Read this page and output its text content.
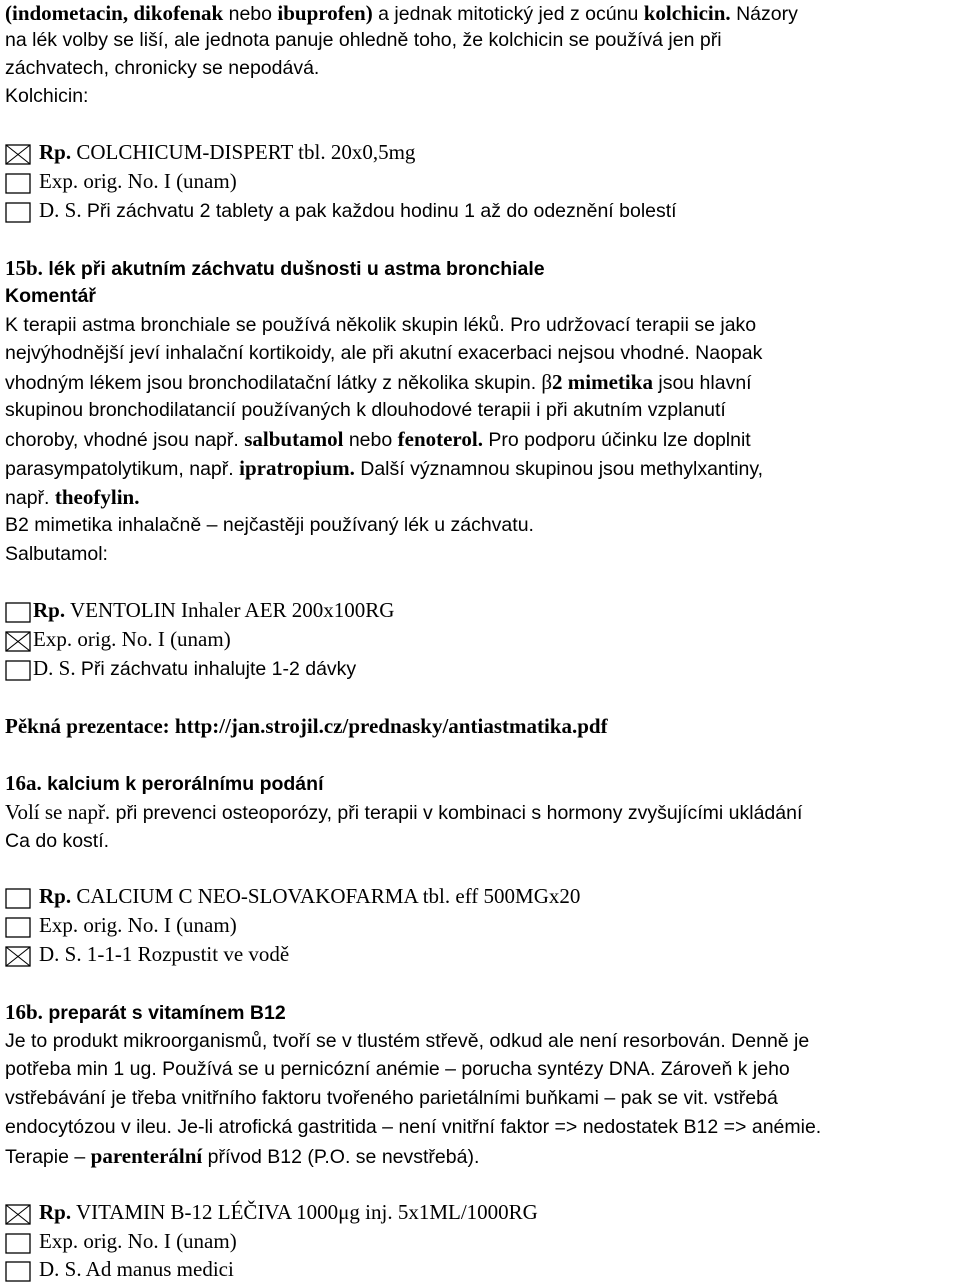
(indometacin, dikofenak nebo ibuprofen) a jednak mitotický jed z ocúnu kolchicin. Názory
na lék volby se liší, ale jednota panuje ohledně toho, že kolchicin se používá jen při
záchvatech, chronicky se nepodává.
Kolchicin:
Rp. COLCHICUM-DISPERT tbl. 20x0,5mg
Exp. orig. No. I (unam)
D. S. Při záchvatu 2 tablety a pak každou hodinu 1 až do odeznění bolestí
15b. lék při akutním záchvatu dušnosti u astma bronchiale
Komentář
K terapii astma bronchiale se používá několik skupin léků. Pro udržovací terapii se jako
nejvýhodnější jeví inhalační kortikoidy, ale při akutní exacerbaci nejsou vhodné. Naopak
vhodným lékem jsou bronchodilatační látky z několika skupin. β2 mimetika jsou hlavní
skupinou bronchodilatancií používaných k dlouhodové terapii i při akutním vzplanutí
choroby, vhodné jsou např. salbutamol nebo fenoterol. Pro podporu účinku lze doplnit
parasympatolytikum, např. ipratropium. Další významnou skupinou jsou methylxantiny,
např. theofylin.
B2 mimetika inhalačně – nejčastěji používaný lék u záchvatu.
Salbutamol:
Rp. VENTOLIN Inhaler AER 200x100RG
Exp. orig. No. I (unam)
D. S. Při záchvatu inhalujte 1-2 dávky
Pěkná prezentace: http://jan.strojil.cz/prednasky/antiastmatika.pdf
16a. kalcium k perorálnímu podání
Volí se např. při prevenci osteoporózy, při terapii v kombinaci s hormony zvyšujícími ukládání
Ca do kostí.
Rp. CALCIUM C NEO-SLOVAKOFARMA tbl. eff 500MGx20
Exp. orig. No. I (unam)
D. S. 1-1-1 Rozpustit ve vodě
16b. preparát s vitamínem B12
Je to produkt mikroorganismů, tvoří se v tlustém střevě, odkud ale není resorbován. Denně je
potřeba min 1 ug. Používá se u pernicózní anémie – porucha syntézy DNA. Zároveň k jeho
vstřebávání je třeba vnitřního faktoru tvořeného parietálními buňkami – pak se vit. vstřebá
endocytózou v ileu. Je-li atrofická gastritida – není vnitřní faktor => nedostatek B12 => anémie.
Terapie – parenterální přívod B12 (P.O. se nevstřebá).
Rp. VITAMIN B-12 LÉČIVA 1000μg inj. 5x1ML/1000RG
Exp. orig. No. I (unam)
D. S. Ad manus medici
